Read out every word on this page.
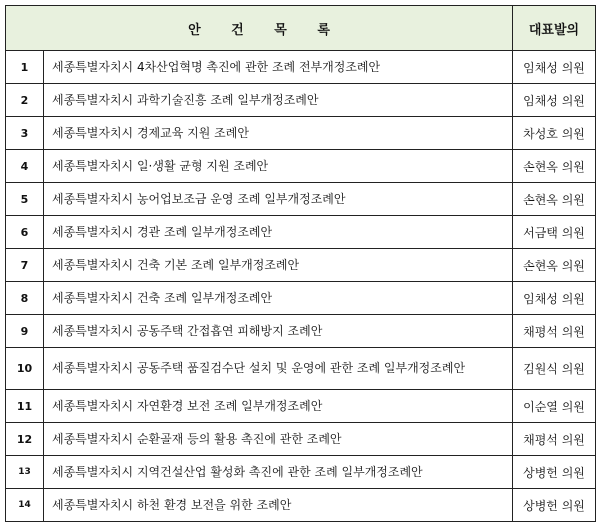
안 건 목 록		대표발의
1	세종특별자치시 4차산업혁명 촉진에 관한 조례 전부개정조례안	임채성 의원
2	세종특별자치시 과학기술진흥 조례 일부개정조례안	임채성 의원
3	세종특별자치시 경제교육 지원 조례안	차성호 의원
4	세종특별자치시 일·생활 균형 지원 조례안	손현옥 의원
5	세종특별자치시 농어업보조금 운영 조례 일부개정조례안	손현옥 의원
6	세종특별자치시 경관 조례 일부개정조례안	서금택 의원
7	세종특별자치시 건축 기본 조례 일부개정조례안	손현옥 의원
8	세종특별자치시 건축 조례 일부개정조례안	임채성 의원
9	세종특별자치시 공동주택 간접흡연 피해방지 조례안	채평석 의원
10	세종특별자치시 공동주택 품질검수단 설치 및 운영에 관한 조례 일부개정조례안	김원식 의원
11	세종특별자치시 자연환경 보전 조례 일부개정조례안	이순열 의원
12	세종특별자치시 순환골재 등의 활용 촉진에 관한 조례안	채평석 의원
13	세종특별자치시 지역건설산업 활성화 촉진에 관한 조례 일부개정조례안	상병헌 의원
14	세종특별자치시 하천 환경 보전을 위한 조례안	상병헌 의원
